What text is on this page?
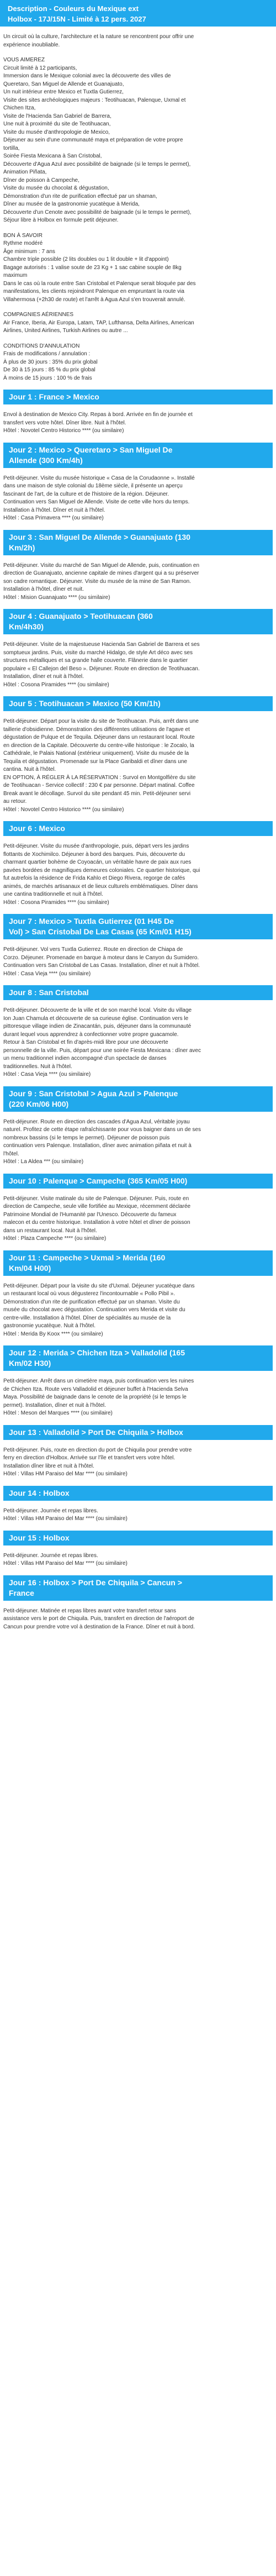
Description - Couleurs du Mexique ext
Holbox - 17J/15N - Limité à 12 pers. 2027

Un circuit où la culture, l'architecture et la nature se rencontrent pour offrir une
expérience inoubliable.

VOUS AIMEREZ
Circuit limité à 12 participants,
Immersion dans le Mexique colonial avec la découverte des villes de
Queretaro, San Miguel de Allende et Guanajuato,
Un nuit intérieur entre Mexico et Tuxtla Gutierrez,
Visite des sites archéologiques majeurs : Teotihuacan, Palenque, Uxmal et
Chichen Itza,
Visite de l'Hacienda San Gabriel de Barrera,
Une nuit à proximité du site de Teotihuacan,
Visite du musée d'anthropologie de Mexico,
Déjeuner au sein d'une communauté maya et préparation de votre propre
tortilla,
Soirée Fiesta Mexicana à San Cristobal,
Découverte d'Agua Azul avec possibilité de baignade (si le temps le permet),
Animation Piñata,
Dîner de poisson à Campeche,
Visite du musée du chocolat & dégustation,
Démonstration d'un rite de purification effectué par un shaman,
Dîner au musée de la gastronomie yucatèque à Merida,
Découverte d'un Cenote avec possibilité de baignade (si le temps le permet),
Séjour libre à Holbox en formule petit déjeuner.

BON À SAVOIR
Rythme modéré
Âge minimum : 7 ans
Chambre triple possible (2 lits doubles ou 1 lit double + lit d'appoint)
Bagage autorisés : 1 valise soute de 23 Kg + 1 sac cabine souple de 8kg
maximum
Dans le cas où la route entre San Cristobal et Palenque serait bloquée par des
manifestations, les clients rejoindront Palenque en empruntant la route via
Villahermosa (+2h30 de route) et l'arrêt à Agua Azul s'en trouverait annulé.

COMPAGNIES AÉRIENNES
Air France, Iberia, Air Europa, Latam, TAP, Lufthansa, Delta Airlines, American
Airlines, United Airlines, Turkish Airlines ou autre ...

CONDITIONS D'ANNULATION
Frais de modifications / annulation :
À plus de 30 jours : 35% du prix global
De 30 à 15 jours : 85 % du prix global
À moins de 15 jours : 100 % de frais

Jour 1 : France > Mexico

Envol à destination de Mexico City. Repas à bord. Arrivée en fin de journée et
transfert vers votre hôtel. Dîner libre. Nuit à l'hôtel.
Hôtel : Novotel Centro Historico **** (ou similaire)

Jour 2 : Mexico > Queretaro > San Miguel De
Allende (300 Km/4h)

Petit-déjeuner. Visite du musée historique « Casa de la Corudaonne ». Installé
dans une maison de style colonial du 18ème siècle, il présente un aperçu
fascinant de l'art, de la culture et de l'histoire de la région. Déjeuner.
Continuation vers San Miguel de Allende. Visite de cette ville hors du temps.
Installation à l'hôtel. Dîner et nuit à l'hôtel.
Hôtel : Casa Primavera **** (ou similaire)

Jour 3 : San Miguel De Allende > Guanajuato (130
Km/2h)

Petit-déjeuner. Visite du marché de San Miguel de Allende, puis, continuation en
direction de Guanajuato, ancienne capitale de mines d'argent qui a su préserver
son cadre romantique. Déjeuner. Visite du musée de la mine de San Ramon.
Installation à l'hôtel, dîner et nuit.
Hôtel : Mision Guanajuato **** (ou similaire)

Jour 4 : Guanajuato > Teotihuacan (360
Km/4h30)

Petit-déjeuner. Visite de la majestueuse Hacienda San Gabriel de Barrera et ses
somptueux jardins. Puis, visite du marché Hidalgo, de style Art déco avec ses
structures métalliques et sa grande halle couverte. Flânerie dans le quartier
populaire « El Callejon del Beso ». Déjeuner. Route en direction de Teotihuacan.
Installation, dîner et nuit à l'hôtel.
Hôtel : Cosona Piramides **** (ou similaire)

Jour 5 : Teotihuacan > Mexico (50 Km/1h)

Petit-déjeuner. Départ pour la visite du site de Teotihuacan. Puis, arrêt dans une
taillerie d'obsidienne. Démonstration des différentes utilisations de l'agave et
dégustation de Pulque et de Tequila. Déjeuner dans un restaurant local. Route
en direction de la Capitale. Découverte du centre-ville historique : le Zocalo, la
Cathédrale, le Palais National (extérieur uniquement). Visite du musée de la
Tequila et dégustation. Promenade sur la Place Garibaldi et dîner dans une
cantina. Nuit à l'hôtel.
EN OPTION, À RÉGLER À LA RÉSERVATION : Survol en Montgolfière du site
de Teotihuacan - Service collectif : 230 € par personne. Départ matinal. Coffee
Break avant le décollage. Survol du site pendant 45 min. Petit-déjeuner servi
au retour.
Hôtel : Novotel Centro Historico **** (ou similaire)

Jour 6 : Mexico

Petit-déjeuner. Visite du musée d'anthropologie, puis, départ vers les jardins
flottants de Xochimilco. Déjeuner à bord des barques. Puis, découverte du
charmant quartier bohème de Coyoacán, un véritable havre de paix aux rues
pavées bordées de magnifiques demeures coloniales. Ce quartier historique, qui
fut autrefois la résidence de Frida Kahlo et Diego Rivera, regorge de cafés
animés, de marchés artisanaux et de lieux culturels emblématiques. Dîner dans
une cantina traditionnelle et nuit à l'hôtel.
Hôtel : Cosona Piramides **** (ou similaire)

Jour 7 : Mexico > Tuxtla Gutierrez (01 H45 De
Vol) > San Cristobal De Las Casas (65 Km/01 H15)

Petit-déjeuner. Vol vers Tuxtla Gutierrez. Route en direction de Chiapa de
Corzo. Déjeuner. Promenade en barque à moteur dans le Canyon du Sumidero.
Continuation vers San Cristobal de Las Casas. Installation, dîner et nuit à l'hôtel.
Hôtel : Casa Vieja **** (ou similaire)

Jour 8 : San Cristobal

Petit-déjeuner. Découverte de la ville et de son marché local. Visite du village
Ion Juan Chamula et découverte de sa curieuse église. Continuation vers le
pittoresque village indien de Zinacantán, puis, déjeuner dans la communauté
durant lequel vous apprendrez à confectionner votre propre guacamole.
Retour à San Cristobal et fin d'après-midi libre pour une découverte
personnelle de la ville. Puis, départ pour une soirée Fiesta Mexicana : dîner avec
un menu traditionnel indien accompagné d'un spectacle de danses
traditionnelles. Nuit à l'hôtel.
Hôtel : Casa Vieja **** (ou similaire)

Jour 9 : San Cristobal > Agua Azul > Palenque
(220 Km/06 H00)

Petit-déjeuner. Route en direction des cascades d'Agua Azul, véritable joyau
naturel. Profitez de cette étape rafraîchissante pour vous baigner dans un de ses
nombreux bassins (si le temps le permet). Déjeuner de poisson puis
continuation vers Palenque. Installation, dîner avec animation piñata et nuit à
l'hôtel.
Hôtel : La Aldea *** (ou similaire)

Jour 10 : Palenque > Campeche (365 Km/05 H00)

Petit-déjeuner. Visite matinale du site de Palenque. Déjeuner. Puis, route en
direction de Campeche, seule ville fortifiée au Mexique, récemment déclarée
Patrimoine Mondial de l'Humanité par l'Unesco. Découverte du fameux
malecon et du centre historique. Installation à votre hôtel et dîner de poisson
dans un restaurant local. Nuit à l'hôtel.
Hôtel : Plaza Campeche **** (ou similaire)

Jour 11 : Campeche > Uxmal > Merida (160
Km/04 H00)

Petit-déjeuner. Départ pour la visite du site d'Uxmal. Déjeuner yucatèque dans
un restaurant local où vous dégusterez l'incontournable « Pollo Pibil ».
Démonstration d'un rite de purification effectué par un shaman. Visite du
musée du chocolat avec dégustation. Continuation vers Merida et visite du
centre-ville. Installation à l'hôtel. Dîner de spécialités au musée de la
gastronomie yucatèque. Nuit à l'hôtel.
Hôtel : Merida By Koox **** (ou similaire)

Jour 12 : Merida > Chichen Itza > Valladolid (165
Km/02 H30)

Petit-déjeuner. Arrêt dans un cimetière maya, puis continuation vers les ruines
de Chichen Itza. Route vers Valladolid et déjeuner buffet à l'Hacienda Selva
Maya. Possibilité de baignade dans le cenote de la propriété (si le temps le
permet). Installation, dîner et nuit à l'hôtel.
Hôtel : Meson del Marques **** (ou similaire)

Jour 13 : Valladolid > Port De Chiquila > Holbox

Petit-déjeuner. Puis, route en direction du port de Chiquila pour prendre votre
ferry en direction d'Holbox. Arrivée sur l'île et transfert vers votre hôtel.
Installation dîner libre et nuit à l'hôtel.
Hôtel : Villas HM Paraiso del Mar **** (ou similaire)

Jour 14 : Holbox

Petit-déjeuner. Journée et repas libres.
Hôtel : Villas HM Paraiso del Mar **** (ou similaire)

Jour 15 : Holbox

Petit-déjeuner. Journée et repas libres.
Hôtel : Villas HM Paraiso del Mar **** (ou similaire)

Jour 16 : Holbox > Port De Chiquila > Cancun >
France

Petit-déjeuner. Matinée et repas libres avant votre transfert retour sans
assistance vers le port de Chiquila. Puis, transfert en direction de l'aéroport de
Cancun pour prendre votre vol à destination de la France. Dîner et nuit à bord.
